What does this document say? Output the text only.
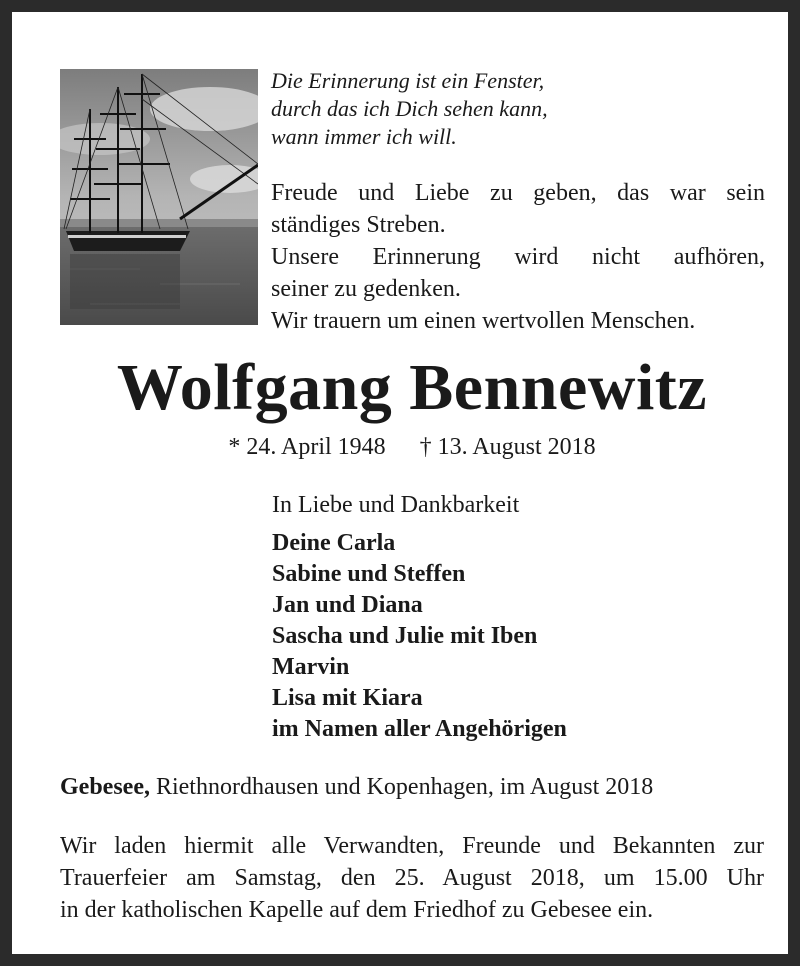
Die Erinnerung ist ein Fenster,
durch das ich Dich sehen kann,
wann immer ich will.
Freude und Liebe zu geben, das war sein
ständiges Streben.
Unsere Erinnerung wird nicht aufhören,
seiner zu gedenken.
Wir trauern um einen wertvollen Menschen.
Wolfgang Bennewitz
* 24. April 1948 † 13. August 2018
In Liebe und Dankbarkeit
Deine Carla
Sabine und Steffen
Jan und Diana
Sascha und Julie mit Iben
Marvin
Lisa mit Kiara
im Namen aller Angehörigen
Gebesee, Riethnordhausen und Kopenhagen, im August 2018
Wir laden hiermit alle Verwandten, Freunde und Bekannten zur
Trauerfeier am Samstag, den 25. August 2018, um 15.00 Uhr
in der katholischen Kapelle auf dem Friedhof zu Gebesee ein.
